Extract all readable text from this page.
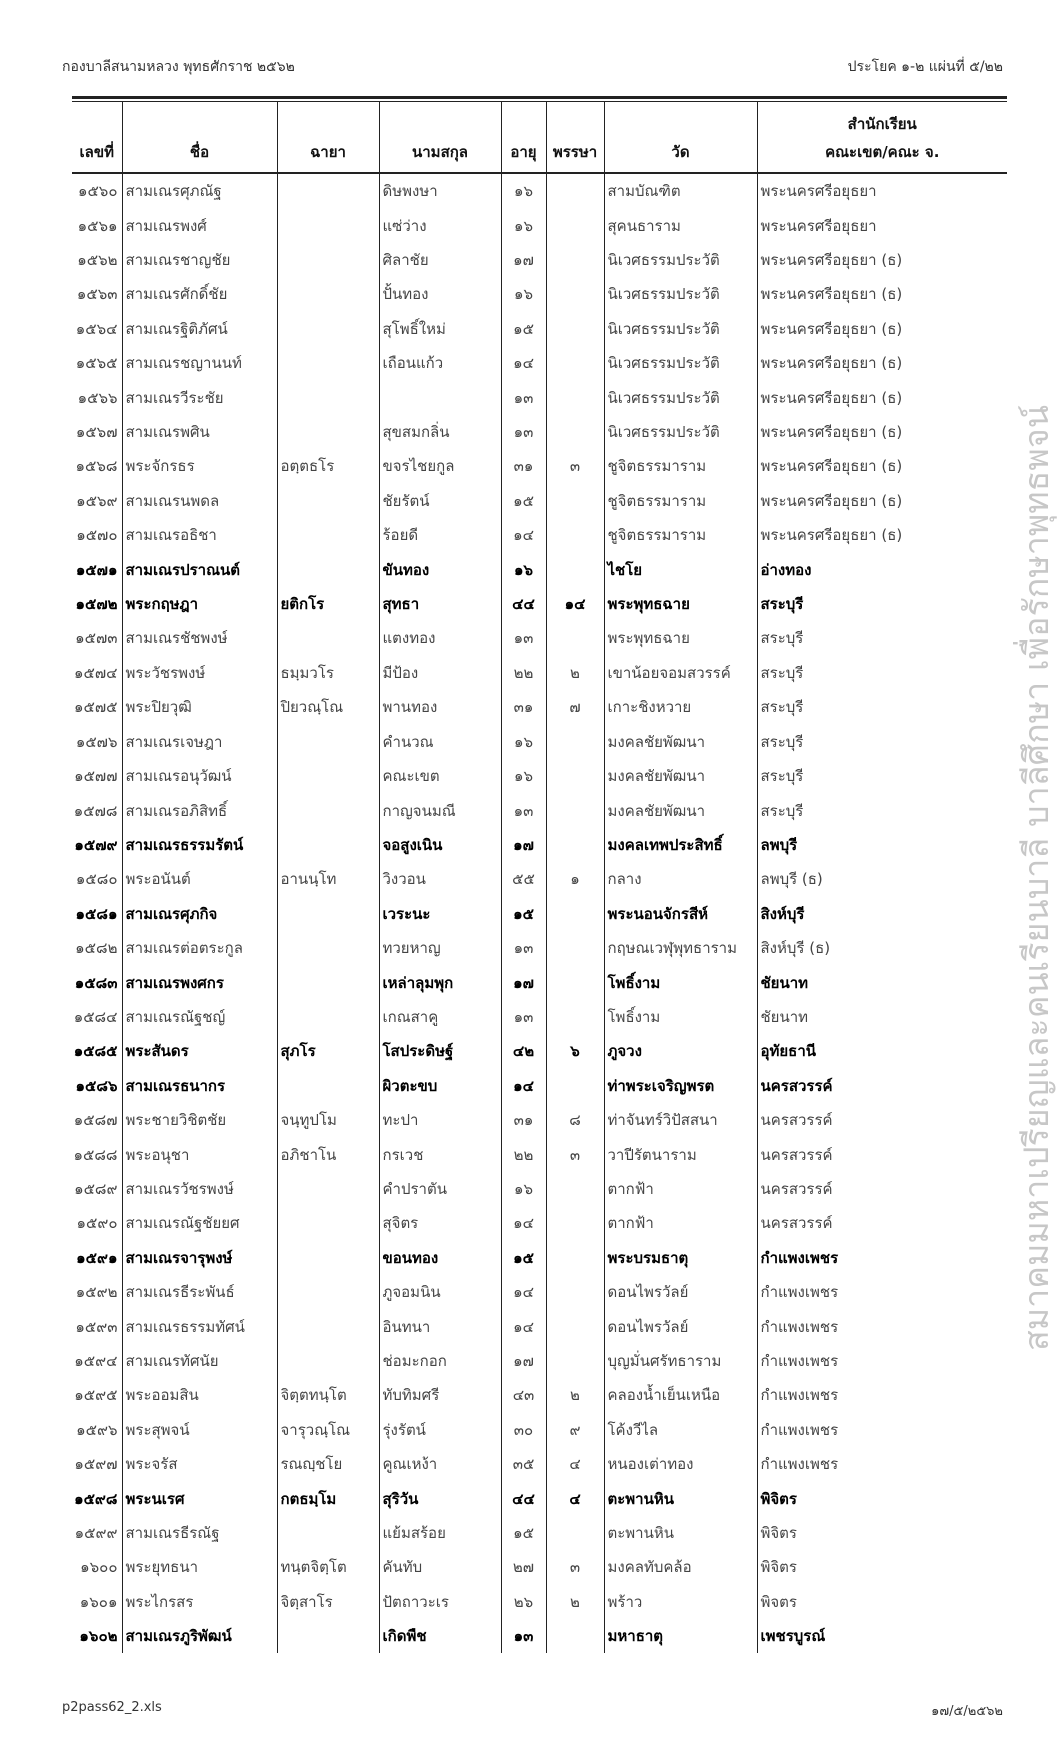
กองบาลีสนามหลวง พุทธศักราช ๒๕๖๒	ประโยค ๑-๒ แผ่นที่ ๕/๒๒
เลขที่	ชื่อ	ฉายา	นามสกุล	อายุ	พรรษา	วัด	สำนักเรียน
คณะเขต/คณะ จ.

๑๕๖๐	สามเณรศุภณัฐ		ดิษพงษา	๑๖		สามบัณฑิต	พระนครศรีอยุธยา
๑๕๖๑	สามเณรพงศ์		แซ่ว่าง	๑๖		สุคนธาราม	พระนครศรีอยุธยา
๑๕๖๒	สามเณรชาญชัย		ศิลาชัย	๑๗		นิเวศธรรมประวัติ	พระนครศรีอยุธยา (ธ)
๑๕๖๓	สามเณรศักดิ์ชัย		ปั้นทอง	๑๖		นิเวศธรรมประวัติ	พระนครศรีอยุธยา (ธ)
๑๕๖๔	สามเณรฐิติภัศน์		สุโพธิ์ใหม่	๑๕		นิเวศธรรมประวัติ	พระนครศรีอยุธยา (ธ)
๑๕๖๕	สามเณรชญานนท์		เถือนแก้ว	๑๔		นิเวศธรรมประวัติ	พระนครศรีอยุธยา (ธ)
๑๕๖๖	สามเณรวีระชัย			๑๓		นิเวศธรรมประวัติ	พระนครศรีอยุธยา (ธ)
๑๕๖๗	สามเณรพศิน		สุขสมกลิ่น	๑๓		นิเวศธรรมประวัติ	พระนครศรีอยุธยา (ธ)
๑๕๖๘	พระจักรธร	อตฺตธโร	ขจรไชยกูล	๓๑	๓	ชูจิตธรรมาราม	พระนครศรีอยุธยา (ธ)
๑๕๖๙	สามเณรนพดล		ชัยรัตน์	๑๕		ชูจิตธรรมาราม	พระนครศรีอยุธยา (ธ)
๑๕๗๐	สามเณรอธิชา		ร้อยดี	๑๔		ชูจิตธรรมาราม	พระนครศรีอยุธยา (ธ)
๑๕๗๑	สามเณรปราณนต์		ขันทอง	๑๖		ไชโย	อ่างทอง
๑๕๗๒	พระกฤษฎา	ยติกโร	สุทธา	๔๔	๑๔	พระพุทธฉาย	สระบุรี
๑๕๗๓	สามเณรชัชพงษ์		แตงทอง	๑๓		พระพุทธฉาย	สระบุรี
๑๕๗๔	พระวัชรพงษ์	ธมฺมวโร	มีป้อง	๒๒	๒	เขาน้อยจอมสวรรค์	สระบุรี
๑๕๗๕	พระปิยวุฒิ	ปิยวณฺโณ	พานทอง	๓๑	๗	เกาะชิงหวาย	สระบุรี
๑๕๗๖	สามเณรเจษฎา		คำนวณ	๑๖		มงคลชัยพัฒนา	สระบุรี
๑๕๗๗	สามเณรอนุวัฒน์		คณะเขต	๑๖		มงคลชัยพัฒนา	สระบุรี
๑๕๗๘	สามเณรอภิสิทธิ์		กาญจนมณี	๑๓		มงคลชัยพัฒนา	สระบุรี
๑๕๗๙	สามเณรธรรมรัตน์		จอสูงเนิน	๑๗		มงคลเทพประสิทธิ์	ลพบุรี
๑๕๘๐	พระอนันต์	อานนฺโท	วิงวอน	๕๕	๑	กลาง	ลพบุรี (ธ)
๑๕๘๑	สามเณรศุภกิจ		เวระนะ	๑๕		พระนอนจักรสีห์	สิงห์บุรี
๑๕๘๒	สามเณรต่อตระกูล		ทวยหาญ	๑๓		กฤษณเวฬุพุทธาราม	สิงห์บุรี (ธ)
๑๕๘๓	สามเณรพงศกร		เหล่าลุมพุก	๑๗		โพธิ์งาม	ชัยนาท
๑๕๘๔	สามเณรณัฐชญ์		เกณสาคู	๑๓		โพธิ์งาม	ชัยนาท
๑๕๘๕	พระสันดร	สุภโร	โสประดิษฐ์	๔๒	๖	ภูจวง	อุทัยธานี
๑๕๘๖	สามเณรธนากร		ผิวตะขบ	๑๔		ท่าพระเจริญพรต	นครสวรรค์
๑๕๘๗	พระชายวิชิตชัย	จนฺทูปโม	ทะปา	๓๑	๘	ท่าจันทร์วิปัสสนา	นครสวรรค์
๑๕๘๘	พระอนุชา	อภิชาโน	กรเวช	๒๒	๓	วาปีรัตนาราม	นครสวรรค์
๑๕๘๙	สามเณรวัชรพงษ์		คำปราตัน	๑๖		ตากฟ้า	นครสวรรค์
๑๕๙๐	สามเณรณัฐชัยยศ		สุจิตร	๑๔		ตากฟ้า	นครสวรรค์
๑๕๙๑	สามเณรจารุพงษ์		ขอนทอง	๑๕		พระบรมธาตุ	กำแพงเพชร
๑๕๙๒	สามเณรธีระพันธ์		ภูจอมนิน	๑๔		ดอนไพรวัลย์	กำแพงเพชร
๑๕๙๓	สามเณรธรรมทัศน์		อินทนา	๑๔		ดอนไพรวัลย์	กำแพงเพชร
๑๕๙๔	สามเณรทัศนัย		ช่อมะกอก	๑๗		บุญมั่นศรัทธาราม	กำแพงเพชร
๑๕๙๕	พระออมสิน	จิตฺตทนฺโต	ทับทิมศรี	๔๓	๒	คลองน้ำเย็นเหนือ	กำแพงเพชร
๑๕๙๖	พระสุพจน์	จารุวณฺโณ	รุ่งรัตน์	๓๐	๙	โค้งวีไล	กำแพงเพชร
๑๕๙๗	พระจรัส	รณญฺชโย	คูณเหง้า	๓๕	๔	หนองเต่าทอง	กำแพงเพชร
๑๕๙๘	พระนเรศ	กตธมฺโม	สุริวัน	๔๔	๔	ตะพานหิน	พิจิตร
๑๕๙๙	สามเณรธีรณัฐ		แย้มสร้อย	๑๕		ตะพานหิน	พิจิตร
๑๖๐๐	พระยุทธนา	ทนฺตจิตฺโต	คันทับ	๒๗	๓	มงคลทับคล้อ	พิจิตร
๑๖๐๑	พระไกรสร	จิตฺสาโร	ปัตถาวะเร	๒๖	๒	พร้าว	พิจตร
๑๖๐๒	สามเณรภูริพัฒน์		เกิดพืช	๑๓		มหาธาตุ	เพชรบูรณ์
สมาคมมหาเปรียญและคนเรียนบาลี บาลีศึกษา เพื่อรักษาพุทธพจน์
p2pass62_2.xls	๑๗/๕/๒๕๖๒
